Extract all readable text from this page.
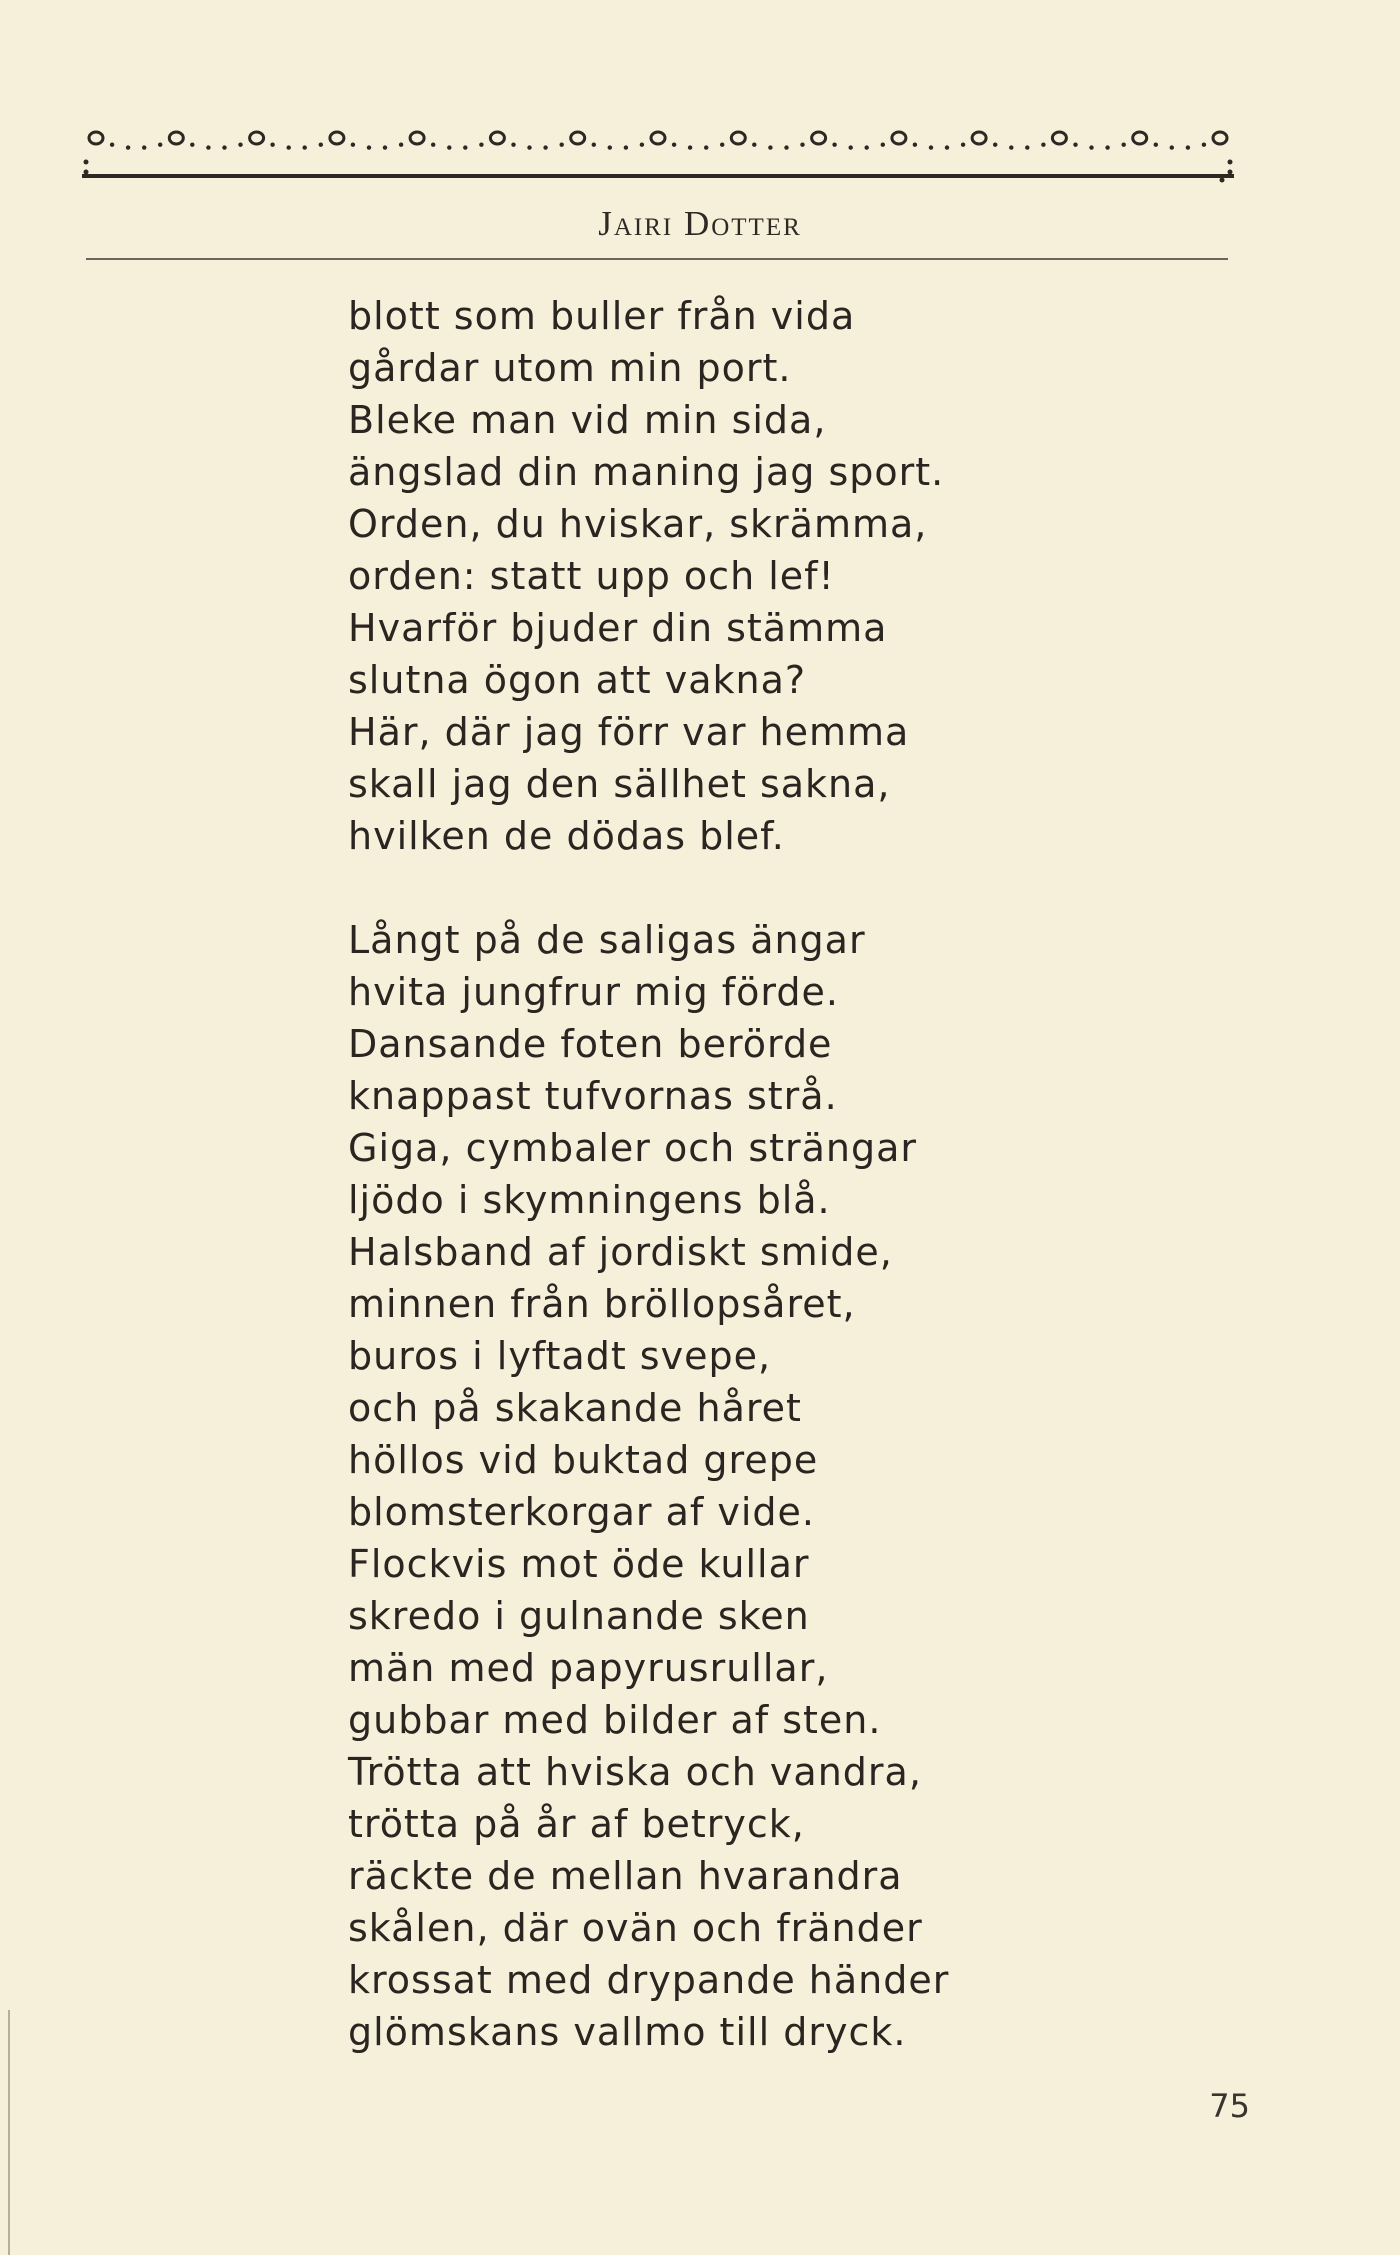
Jairi Dotter
blott som buller från vida
gårdar utom min port.
Bleke man vid min sida,
ängslad din maning jag sport.
Orden, du hviskar, skrämma,
orden: statt upp och lef!
Hvarför bjuder din stämma
slutna ögon att vakna?
Här, där jag förr var hemma
skall jag den sällhet sakna,
hvilken de dödas blef.
Långt på de saligas ängar
hvita jungfrur mig förde.
Dansande foten berörde
knappast tufvornas strå.
Giga, cymbaler och strängar
ljödo i skymningens blå.
Halsband af jordiskt smide,
minnen från bröllopsåret,
buros i lyftadt svepe,
och på skakande håret
höllos vid buktad grepe
blomsterkorgar af vide.
Flockvis mot öde kullar
skredo i gulnande sken
män med papyrusrullar,
gubbar med bilder af sten.
Trötta att hviska och vandra,
trötta på år af betryck,
räckte de mellan hvarandra
skålen, där ovän och fränder
krossat med drypande händer
glömskans vallmo till dryck.
75
